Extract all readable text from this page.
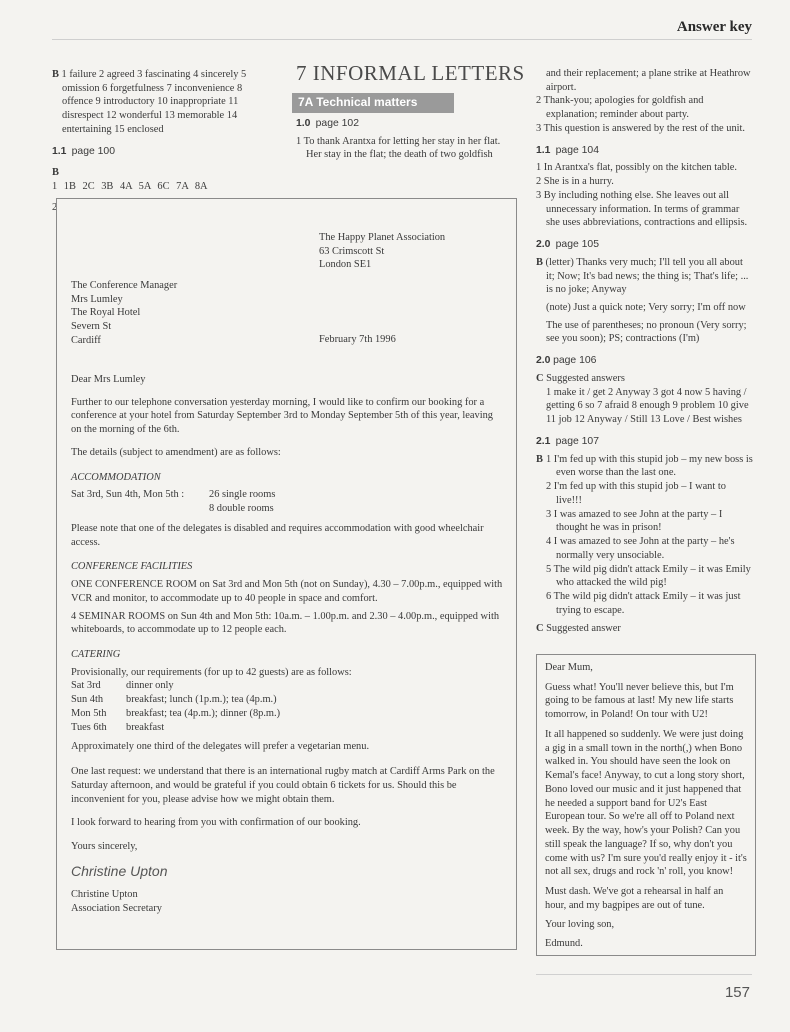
Answer key

B 1 failure 2 agreed 3 fascinating 4 sincerely 5 omission 6 forgetfulness 7 inconvenience 8 offence 9 introductory 10 inappropriate 11 disrespect 12 wonderful 13 memorable 14 entertaining 15 enclosed

1.1 page 100

B

1 1B 2C 3B 4A 5A 6C 7A 8A

2

7 INFORMAL LETTERS
7A Technical matters

1.0 page 102

1 To thank Arantxa for letting her stay in her flat.

Her stay in the flat; the death of two goldfish

The Happy Planet Association
63 Crimscott St
London SE1
The Conference Manager
Mrs Lumley
The Royal Hotel
Severn St
Cardiff	February 7th 1996

Dear Mrs Lumley

Further to our telephone conversation yesterday morning, I would like to confirm our booking for a conference at your hotel from Saturday September 3rd to Monday September 5th of this year, leaving on the morning of the 6th.

The details (subject to amendment) are as follows:

ACCOMMODATION

Sat 3rd, Sun 4th, Mon 5th :	26 single rooms
	8 double rooms

Please note that one of the delegates is disabled and requires accommodation with good wheelchair access.

CONFERENCE FACILITIES

ONE CONFERENCE ROOM on Sat 3rd and Mon 5th (not on Sunday), 4.30 – 7.00p.m., equipped with VCR and monitor, to accommodate up to 40 people in space and comfort.

4 SEMINAR ROOMS on Sun 4th and Mon 5th: 10a.m. – 1.00p.m. and 2.30 – 4.00p.m., equipped with whiteboards, to accommodate up to 12 people each.

CATERING

Provisionally, our requirements (for up to 42 guests) are as follows:

Sat 3rd	dinner only
Sun 4th	breakfast; lunch (1p.m.); tea (4p.m.)
Mon 5th	breakfast; tea (4p.m.); dinner (8p.m.)
Tues 6th	breakfast

Approximately one third of the delegates will prefer a vegetarian menu.

One last request: we understand that there is an international rugby match at Cardiff Arms Park on the Saturday afternoon, and would be grateful if you could obtain 6 tickets for us. Should this be inconvenient for you, please advise how we might obtain them.

I look forward to hearing from you with confirmation of our booking.

Yours sincerely,

Christine Upton

Christine Upton

Association Secretary

and their replacement; a plane strike at Heathrow airport.

2 Thank-you; apologies for goldfish and explanation; reminder about party.

3 This question is answered by the rest of the unit.

1.1 page 104

1 In Arantxa's flat, possibly on the kitchen table.

2 She is in a hurry.

3 By including nothing else. She leaves out all unnecessary information. In terms of grammar she uses abbreviations, contractions and ellipsis.

2.0 page 105

B (letter) Thanks very much; I'll tell you all about it; Now; It's bad news; the thing is; That's life; ... is no joke; Anyway

(note) Just a quick note; Very sorry; I'm off now

The use of parentheses; no pronoun (Very sorry; see you soon); PS; contractions (I'm)

2.0 page 106

C Suggested answers

1 make it / get 2 Anyway 3 got 4 now 5 having / getting 6 so 7 afraid 8 enough 9 problem 10 give 11 job 12 Anyway / Still 13 Love / Best wishes

2.1 page 107

B 1 I'm fed up with this stupid job – my new boss is even worse than the last one.

2 I'm fed up with this stupid job – I want to live!!!

3 I was amazed to see John at the party – I thought he was in prison!

4 I was amazed to see John at the party – he's normally very unsociable.

5 The wild pig didn't attack Emily – it was Emily who attacked the wild pig!

6 The wild pig didn't attack Emily – it was just trying to escape.

C Suggested answer

Dear Mum,

Guess what! You'll never believe this, but I'm going to be famous at last! My new life starts tomorrow, in Poland! On tour with U2!

It all happened so suddenly. We were just doing a gig in a small town in the north(,) when Bono walked in. You should have seen the look on Kemal's face! Anyway, to cut a long story short, Bono loved our music and it just happened that he needed a support band for U2's East European tour. So we're all off to Poland next week. By the way, how's your Polish? Can you still speak the language? If so, why don't you come with us? I'm sure you'd really enjoy it - it's not all sex, drugs and rock 'n' roll, you know!

Must dash. We've got a rehearsal in half an hour, and my bagpipes are out of tune.

Your loving son,

Edmund.

157
